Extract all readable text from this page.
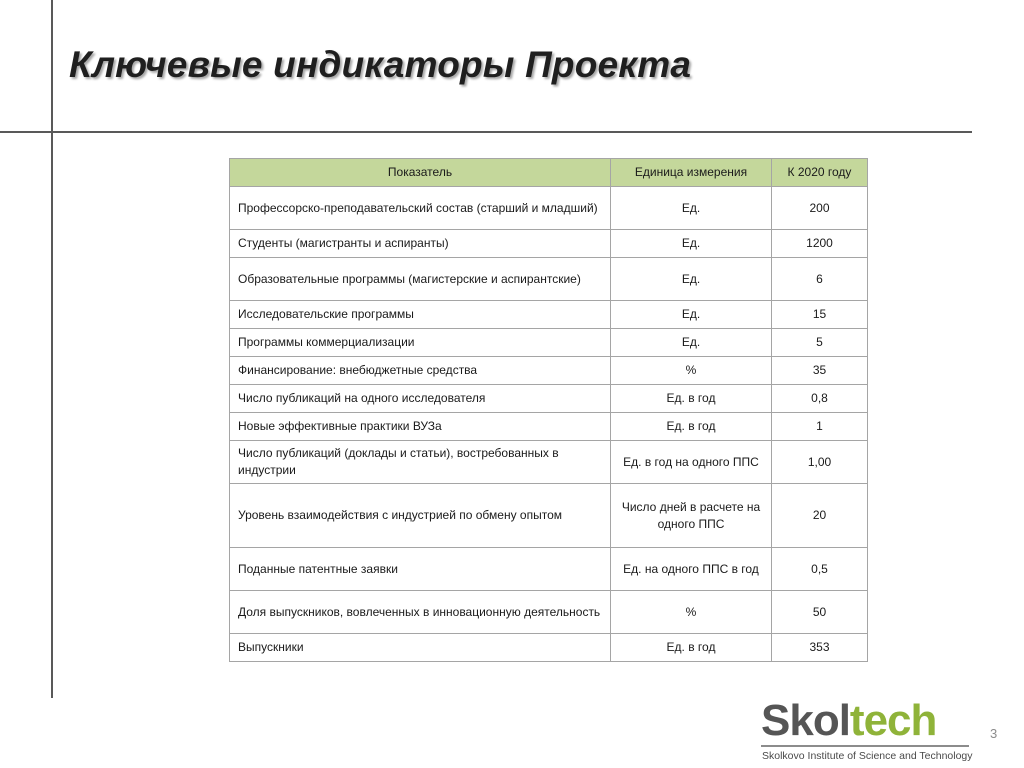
Ключевые индикаторы Проекта
Показатель	Единица измерения	К 2020 году
Профессорско-преподавательский состав (старший и младший)	Ед.	200
Студенты (магистранты и аспиранты)	Ед.	1200
Образовательные программы (магистерские и аспирантские)	Ед.	6
Исследовательские программы	Ед.	15
Программы коммерциализации	Ед.	5
Финансирование: внебюджетные средства	%	35
Число публикаций на одного исследователя	Ед. в год	0,8
Новые эффективные практики ВУЗа	Ед. в год	1
Число публикаций (доклады и статьи), востребованных в индустрии	Ед. в год на одного ППС	1,00
Уровень взаимодействия с индустрией по обмену опытом	Число дней в расчете на одного ППС	20
Поданные патентные заявки	Ед. на одного ППС в год	0,5
Доля выпускников, вовлеченных в инновационную деятельность	%	50
Выпускники	Ед. в год	353
Skoltech
Skolkovo Institute of Science and Technology
3
